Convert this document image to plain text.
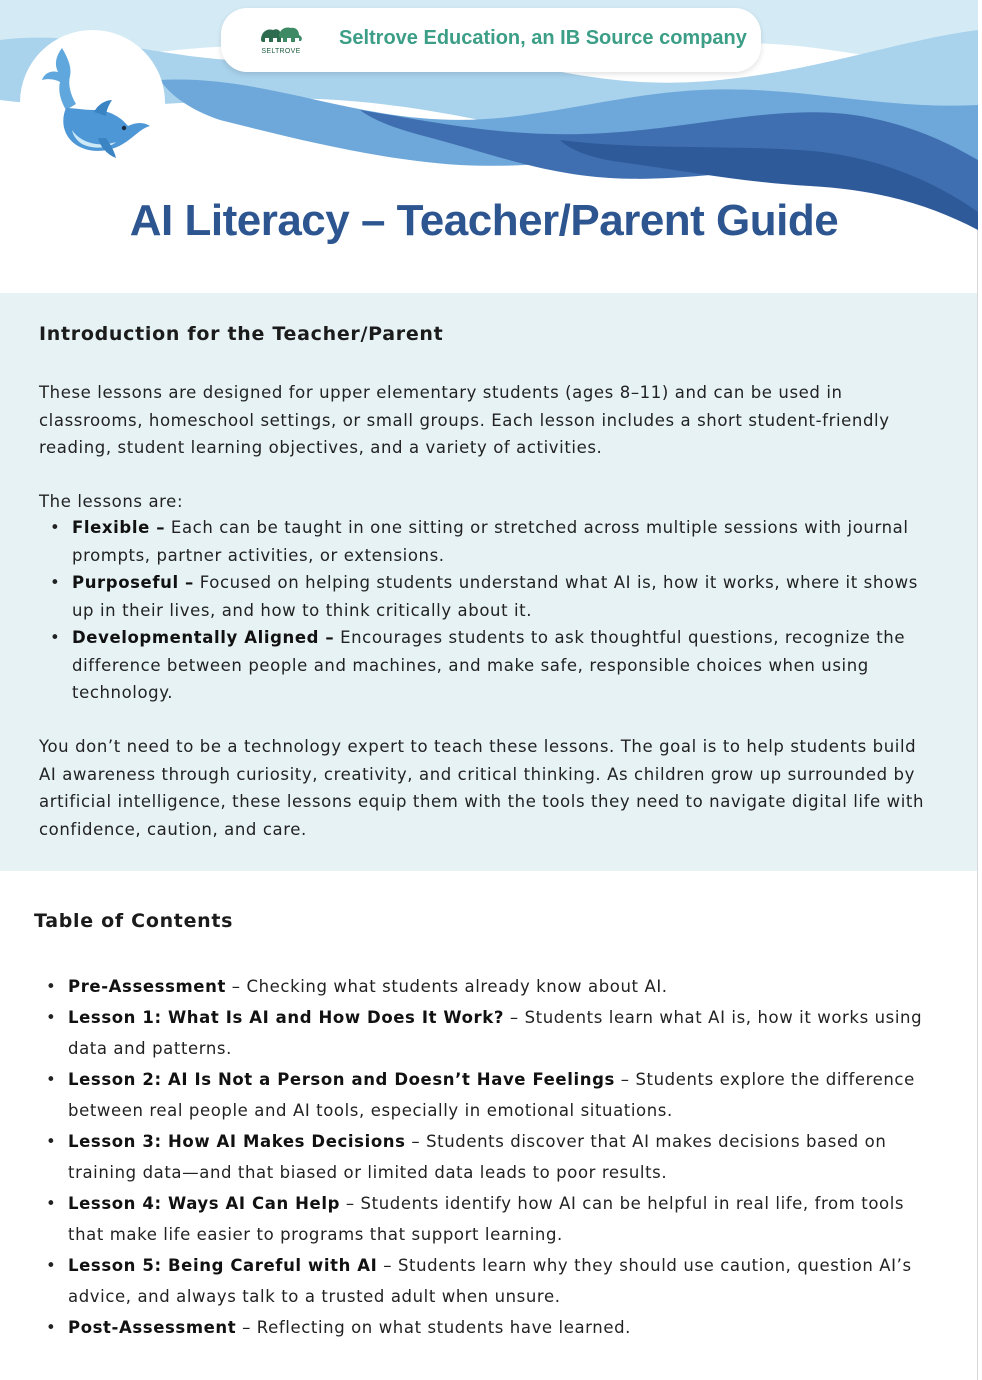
SELTROVE
Seltrove Education, an IB Source company
AI Literacy – Teacher/Parent Guide
Introduction for the Teacher/Parent

These lessons are designed for upper elementary students (ages 8–11) and can be used in classrooms, homeschool settings, or small groups. Each lesson includes a short student-friendly reading, student learning objectives, and a variety of activities.

The lessons are:

• Flexible – Each can be taught in one sitting or stretched across multiple sessions with journal prompts, partner activities, or extensions.
• Purposeful – Focused on helping students understand what AI is, how it works, where it shows up in their lives, and how to think critically about it.
• Developmentally Aligned – Encourages students to ask thoughtful questions, recognize the difference between people and machines, and make safe, responsible choices when using technology.

You don’t need to be a technology expert to teach these lessons. The goal is to help students build AI awareness through curiosity, creativity, and critical thinking. As children grow up surrounded by artificial intelligence, these lessons equip them with the tools they need to navigate digital life with confidence, caution, and care.

Table of Contents
• Pre-Assessment – Checking what students already know about AI.
• Lesson 1: What Is AI and How Does It Work? – Students learn what AI is, how it works using data and patterns.
• Lesson 2: AI Is Not a Person and Doesn’t Have Feelings – Students explore the difference between real people and AI tools, especially in emotional situations.
• Lesson 3: How AI Makes Decisions – Students discover that AI makes decisions based on training data—and that biased or limited data leads to poor results.
• Lesson 4: Ways AI Can Help – Students identify how AI can be helpful in real life, from tools that make life easier to programs that support learning.
• Lesson 5: Being Careful with AI – Students learn why they should use caution, question AI’s advice, and always talk to a trusted adult when unsure.
• Post-Assessment – Reflecting on what students have learned.
